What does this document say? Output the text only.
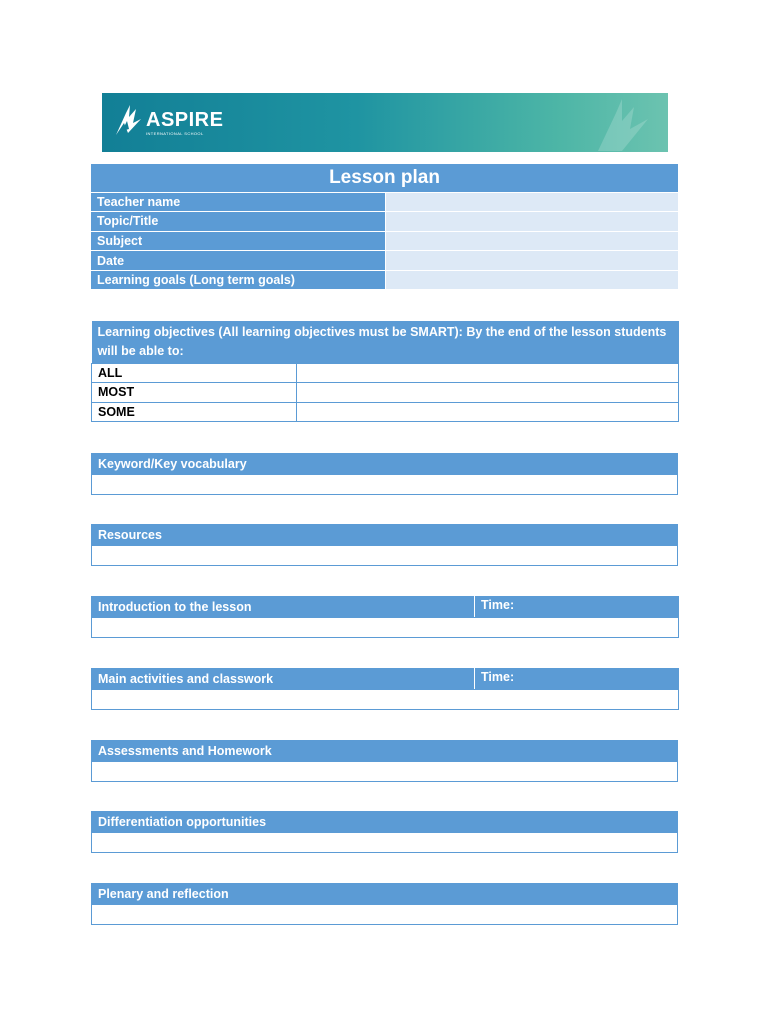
ASPIRE
INTERNATIONAL SCHOOL
Lesson plan	
Teacher name	
Topic/Title	
Subject	
Date	
Learning goals (Long term goals)	
Learning objectives (All learning objectives must be SMART): By the end of the lesson students will be able to:	
ALL	
MOST	
SOME	
Keyword/Key vocabulary

Resources

Introduction to the lesson	Time:

Main activities and classwork	Time:

Assessments and Homework

Differentiation opportunities

Plenary and reflection
